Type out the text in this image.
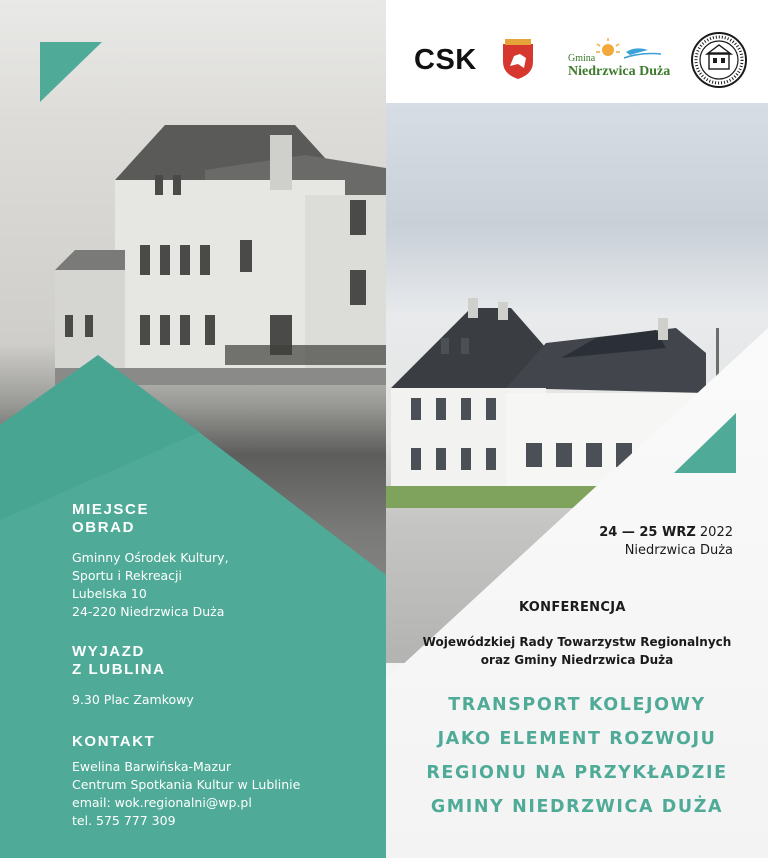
CSK	Gmina
Niedrzwica Duża
MIEJSCE
OBRAD
Gminny Ośrodek Kultury,
Sportu i Rekreacji
Lubelska 10
24-220 Niedrzwica Duża
WYJAZD
Z LUBLINA
9.30 Plac Zamkowy
KONTAKT
Ewelina Barwińska-Mazur
Centrum Spotkania Kultur w Lublinie
email: wok.regionalni@wp.pl
tel. 575 777 309
24 — 25 WRZ 2022
Niedrzwica Duża
KONFERENCJA
Wojewódzkiej Rady Towarzystw Regionalnych
oraz Gminy Niedrzwica Duża
TRANSPORT KOLEJOWY
JAKO ELEMENT ROZWOJU
REGIONU NA PRZYKŁADZIE
GMINY NIEDRZWICA DUŻA
